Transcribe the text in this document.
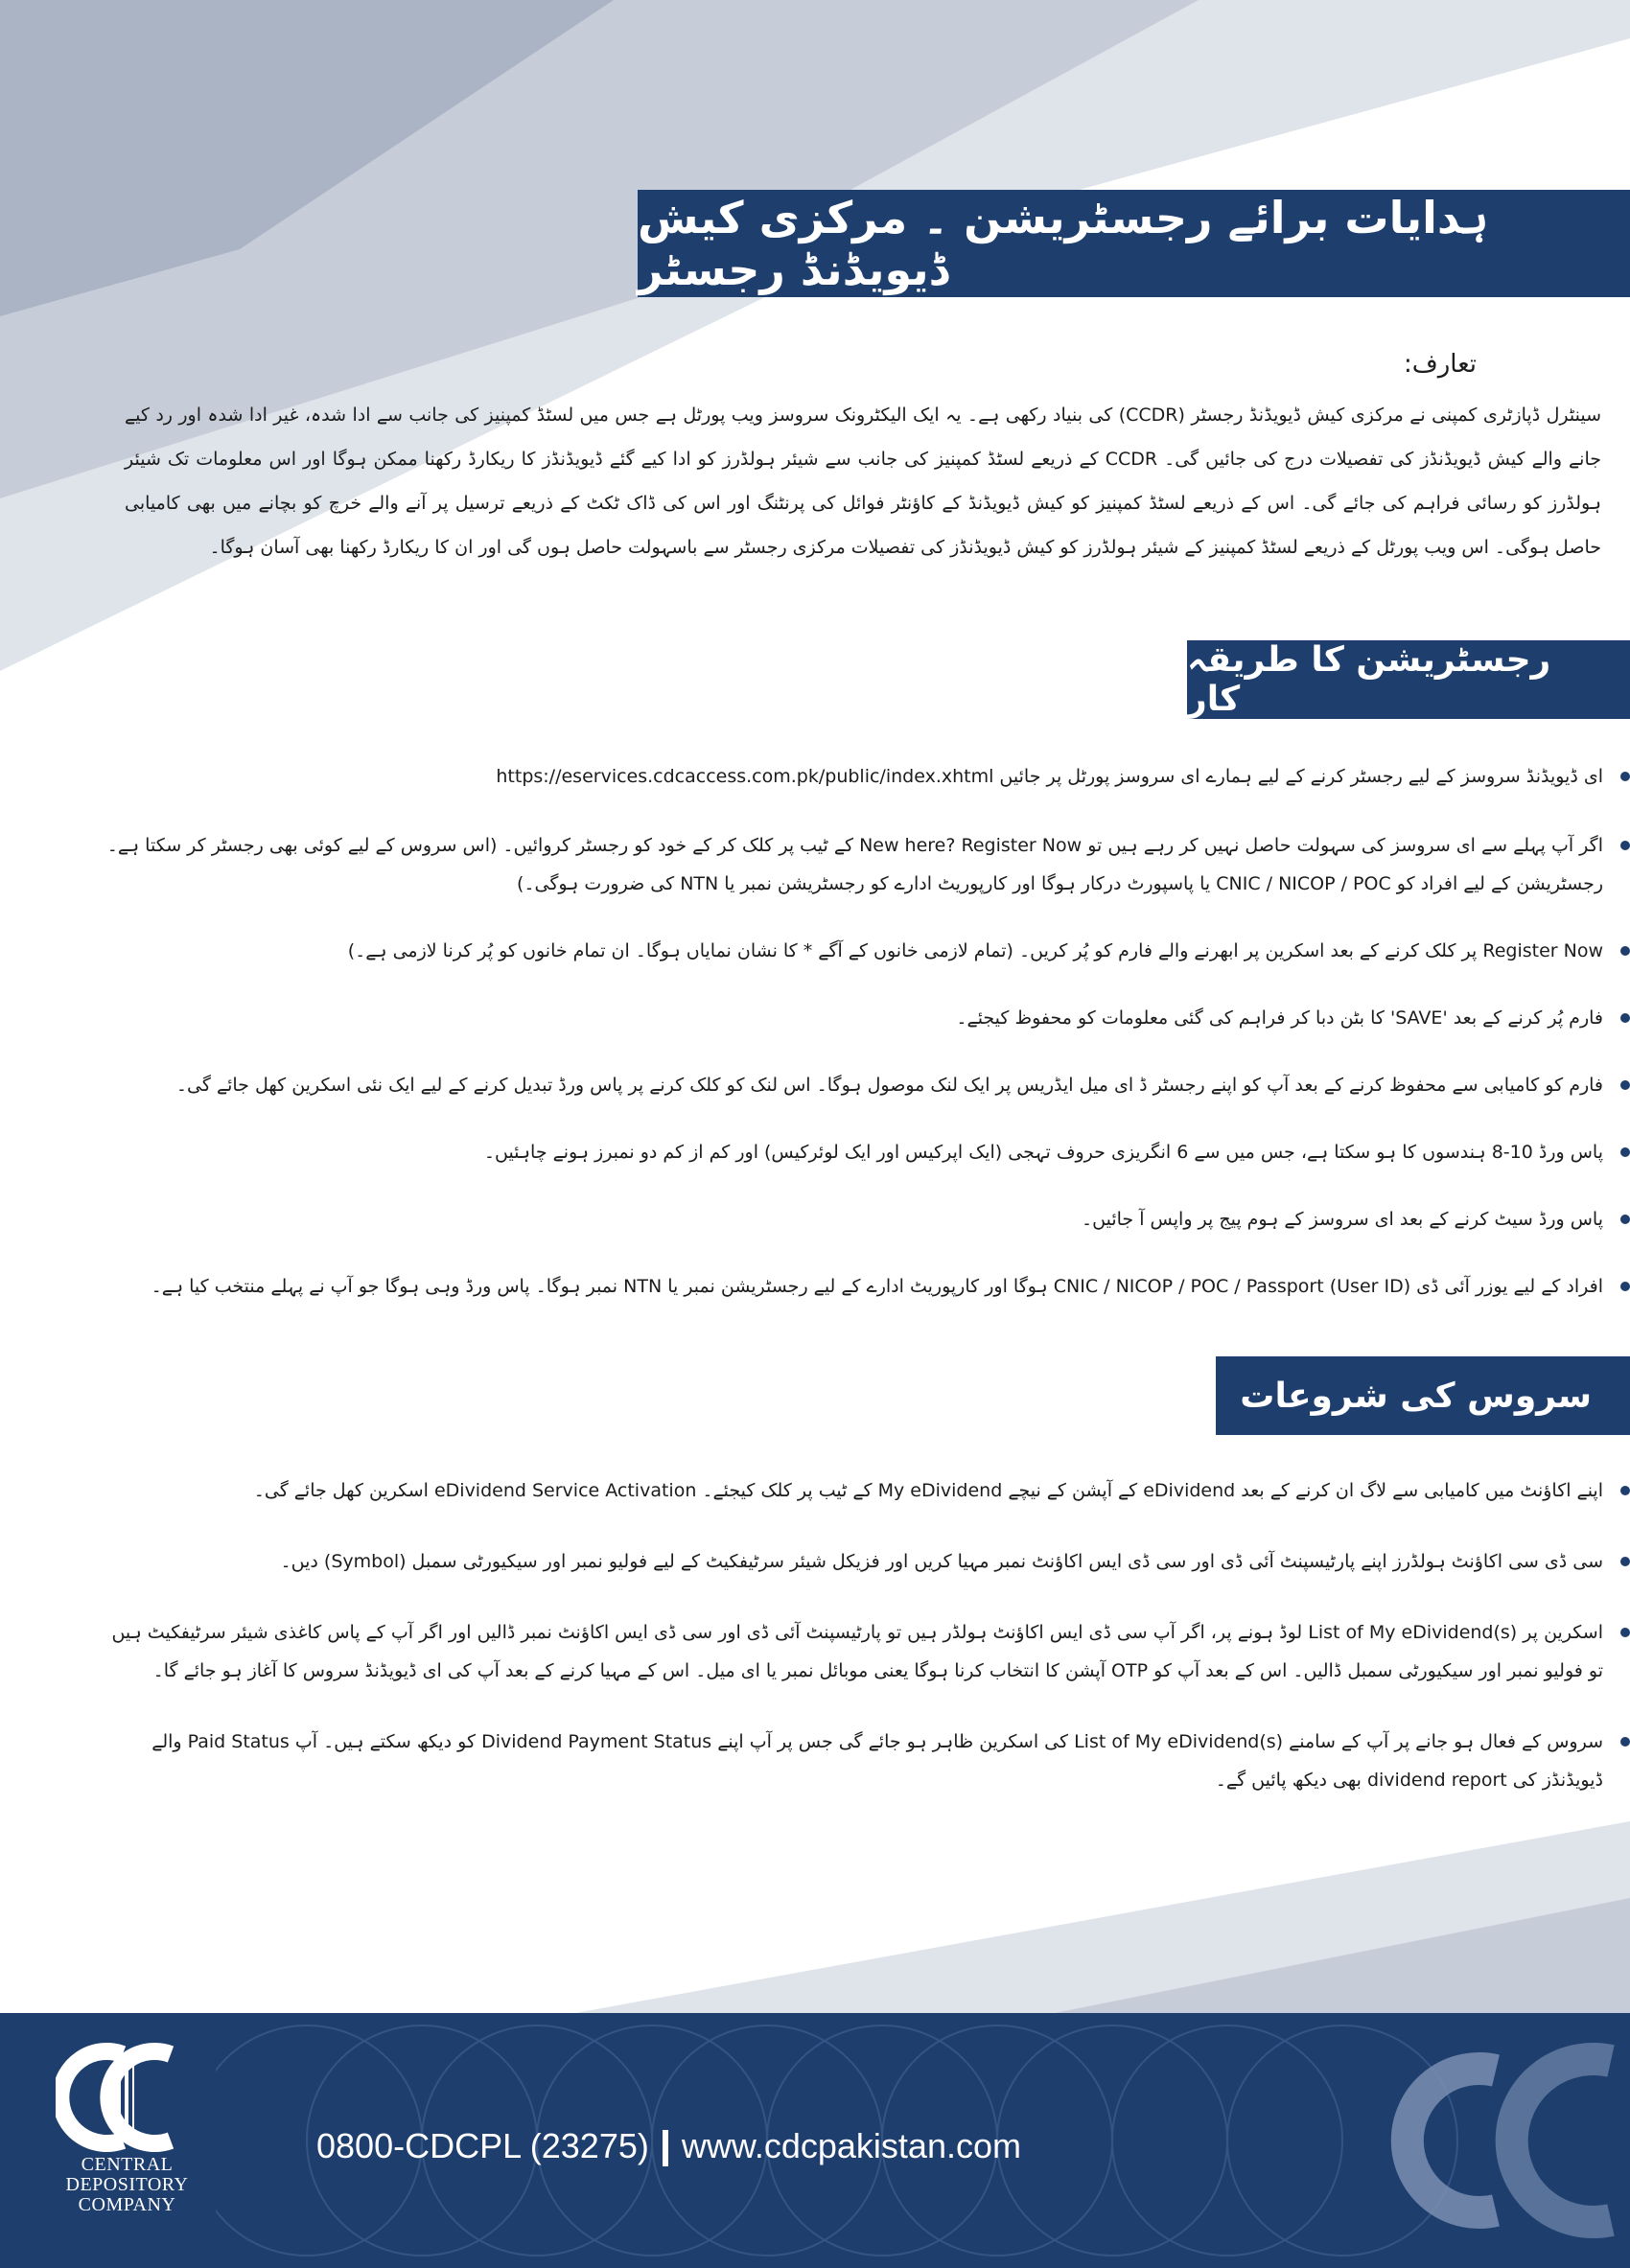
ہدایات برائے رجسٹریشن ۔ مرکزی کیش ڈیویڈنڈ رجسٹر
تعارف:
سینٹرل ڈپازٹری کمپنی نے مرکزی کیش ڈیویڈنڈ رجسٹر (CCDR) کی بنیاد رکھی ہے۔ یہ ایک الیکٹرونک سروسز ویب پورٹل ہے جس میں لسٹڈ کمپنیز کی جانب سے ادا شدہ، غیر ادا شدہ اور رد کیے جانے والے کیش ڈیویڈنڈز کی تفصیلات درج کی جائیں گی۔ CCDR کے ذریعے لسٹڈ کمپنیز کی جانب سے شیئر ہولڈرز کو ادا کیے گئے ڈیویڈنڈز کا ریکارڈ رکھنا ممکن ہوگا اور اس معلومات تک شیئر ہولڈرز کو رسائی فراہم کی جائے گی۔ اس کے ذریعے لسٹڈ کمپنیز کو کیش ڈیویڈنڈ کے کاؤنٹر فوائل کی پرنٹنگ اور اس کی ڈاک ٹکٹ کے ذریعے ترسیل پر آنے والے خرچ کو بچانے میں بھی کامیابی حاصل ہوگی۔ اس ویب پورٹل کے ذریعے لسٹڈ کمپنیز کے شیئر ہولڈرز کو کیش ڈیویڈنڈز کی تفصیلات مرکزی رجسٹر سے باسہولت حاصل ہوں گی اور ان کا ریکارڈ رکھنا بھی آسان ہوگا۔
رجسٹریشن کا طریقہ کار
ای ڈیویڈنڈ سروسز کے لیے رجسٹر کرنے کے لیے ہمارے ای سروسز پورٹل پر جائیں https://eservices.cdcaccess.com.pk/public/index.xhtml
اگر آپ پہلے سے ای سروسز کی سہولت حاصل نہیں کر رہے ہیں تو New here? Register Now کے ٹیب پر کلک کر کے خود کو رجسٹر کروائیں۔ (اس سروس کے لیے کوئی بھی رجسٹر کر سکتا ہے۔ رجسٹریشن کے لیے افراد کو CNIC / NICOP / POC یا پاسپورٹ درکار ہوگا اور کارپوریٹ ادارے کو رجسٹریشن نمبر یا NTN کی ضرورت ہوگی۔)
Register Now پر کلک کرنے کے بعد اسکرین پر ابھرنے والے فارم کو پُر کریں۔ (تمام لازمی خانوں کے آگے * کا نشان نمایاں ہوگا۔ ان تمام خانوں کو پُر کرنا لازمی ہے۔)
فارم پُر کرنے کے بعد 'SAVE' کا بٹن دبا کر فراہم کی گئی معلومات کو محفوظ کیجئے۔
فارم کو کامیابی سے محفوظ کرنے کے بعد آپ کو اپنے رجسٹر ڈ ای میل ایڈریس پر ایک لنک موصول ہوگا۔ اس لنک کو کلک کرنے پر پاس ورڈ تبدیل کرنے کے لیے ایک نئی اسکرین کھل جائے گی۔
پاس ورڈ 10-8 ہندسوں کا ہو سکتا ہے، جس میں سے 6 انگریزی حروف تہجی (ایک اپرکیس اور ایک لوئرکیس) اور کم از کم دو نمبرز ہونے چاہئیں۔
پاس ورڈ سیٹ کرنے کے بعد ای سروسز کے ہوم پیج پر واپس آ جائیں۔
افراد کے لیے یوزر آئی ڈی (CNIC / NICOP / POC / Passport (User ID ہوگا اور کارپوریٹ ادارے کے لیے رجسٹریشن نمبر یا NTN نمبر ہوگا۔ پاس ورڈ وہی ہوگا جو آپ نے پہلے منتخب کیا ہے۔
سروس کی شروعات
اپنے اکاؤنٹ میں کامیابی سے لاگ ان کرنے کے بعد eDividend کے آپشن کے نیچے My eDividend کے ٹیب پر کلک کیجئے۔ eDividend Service Activation اسکرین کھل جائے گی۔
سی ڈی سی اکاؤنٹ ہولڈرز اپنے پارٹیسپنٹ آئی ڈی اور سی ڈی ایس اکاؤنٹ نمبر مہیا کریں اور فزیکل شیئر سرٹیفکیٹ کے لیے فولیو نمبر اور سیکیورٹی سمبل (Symbol) دیں۔
اسکرین پر List of My eDividend(s) لوڈ ہونے پر، اگر آپ سی ڈی ایس اکاؤنٹ ہولڈر ہیں تو پارٹیسپنٹ آئی ڈی اور سی ڈی ایس اکاؤنٹ نمبر ڈالیں اور اگر آپ کے پاس کاغذی شیئر سرٹیفکیٹ ہیں تو فولیو نمبر اور سیکیورٹی سمبل ڈالیں۔ اس کے بعد آپ کو OTP آپشن کا انتخاب کرنا ہوگا یعنی موبائل نمبر یا ای میل۔ اس کے مہیا کرنے کے بعد آپ کی ای ڈیویڈنڈ سروس کا آغاز ہو جائے گا۔
سروس کے فعال ہو جانے پر آپ کے سامنے List of My eDividend(s) کی اسکرین ظاہر ہو جائے گی جس پر آپ اپنے Dividend Payment Status کو دیکھ سکتے ہیں۔ آپ Paid Status والے ڈیویڈنڈز کی dividend report بھی دیکھ پائیں گے۔
CENTRAL
DEPOSITORY
COMPANY
0800-CDCPL (23275) www.cdcpakistan.com
